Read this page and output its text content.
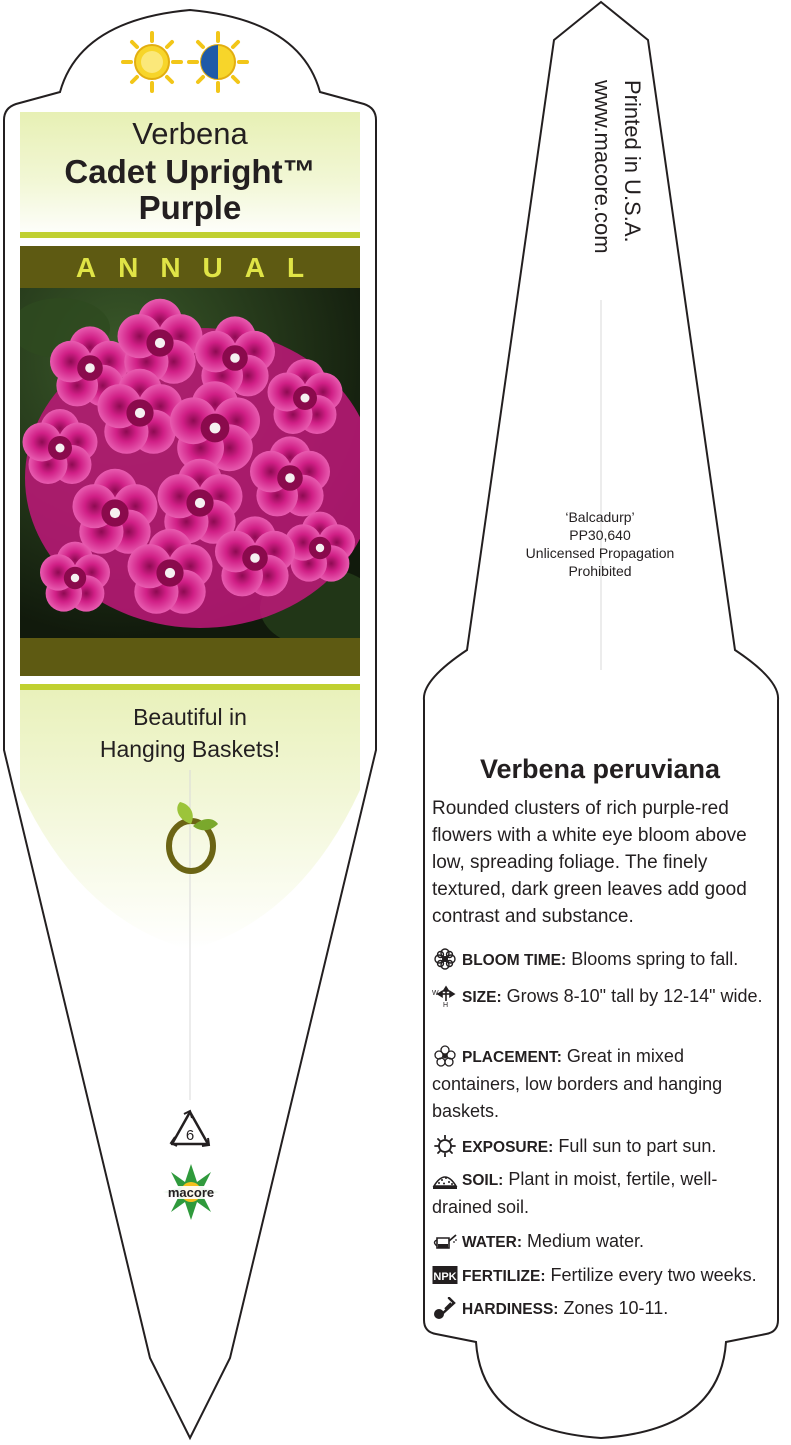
Verbena
Cadet Upright™
Purple
ANNUAL
Beautiful in
Hanging Baskets!
6
macore
Printed in U.S.A.
www.macore.com
‘Balcadurp’
PP30,640
Unlicensed Propagation
Prohibited
Verbena peruviana
Rounded clusters of rich purple-red flowers with a white eye bloom above low, spreading foliage. The finely textured, dark green leaves add good contrast and substance.
BLOOM TIME: Blooms spring to fall.
W
H SIZE: Grows 8-10" tall by 12-14" wide.
PLACEMENT: Great in mixed containers, low borders and hanging baskets.
EXPOSURE: Full sun to part sun.
SOIL: Plant in moist, fertile, well-drained soil.
WATER: Medium water.
NPK FERTILIZE: Fertilize every two weeks.
HARDINESS: Zones 10-11.
